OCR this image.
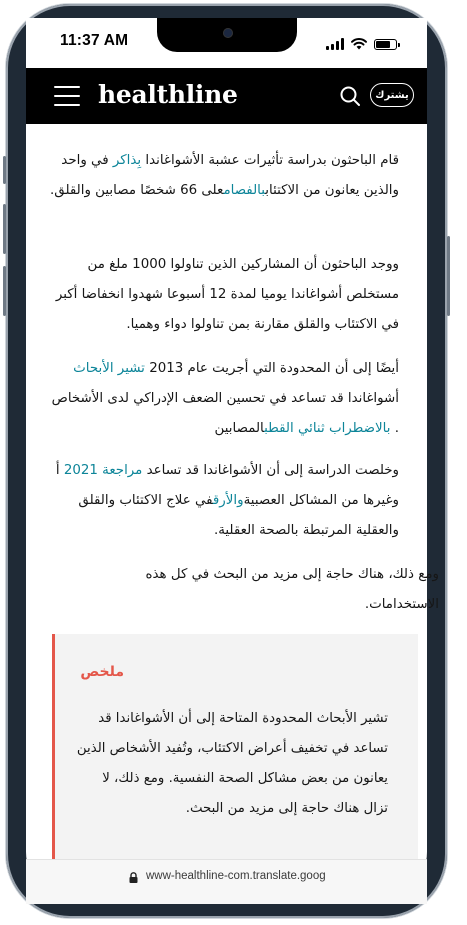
11:37 AM
healthline	يشترك

قام الباحثون بدراسة تأثيرات عشبة الأشواغاندا بِذاكر في واحد والذين يعانون من الاكتئاببالفصامعلى 66 شخصًا مصابين والقلق.

ووجد الباحثون أن المشاركين الذين تناولوا 1000 ملغ من مستخلص أشواغاندا يوميا لمدة 12 أسبوعا شهدوا انخفاضا أكبر في الاكتئاب والقلق مقارنة بمن تناولوا دواء وهميا.

أيضًا إلى أن المحدودة التي أجريت عام 2013 تشير الأبحاث أشواغاندا قد تساعد في تحسين الضعف الإدراكي لدى الأشخاص . بالاضطراب ثنائي القطبالمصابين

وخلصت الدراسة إلى أن الأشواغاندا قد تساعد مراجعة 2021 أ وغيرها من المشاكل العصبيةوالأرقفي علاج الاكتئاب والقلق والعقلية المرتبطة بالصحة العقلية.

ومع ذلك، هناك حاجة إلى مزيد من البحث في كل هذه الاستخدامات.

ملخص
تشير الأبحاث المحدودة المتاحة إلى أن الأشواغاندا قد تساعد في تخفيف أعراض الاكتئاب، وتُفيد الأشخاص الذين يعانون من بعض مشاكل الصحة النفسية. ومع ذلك، لا تزال هناك حاجة إلى مزيد من البحث.
www-healthline-com.translate.goog
